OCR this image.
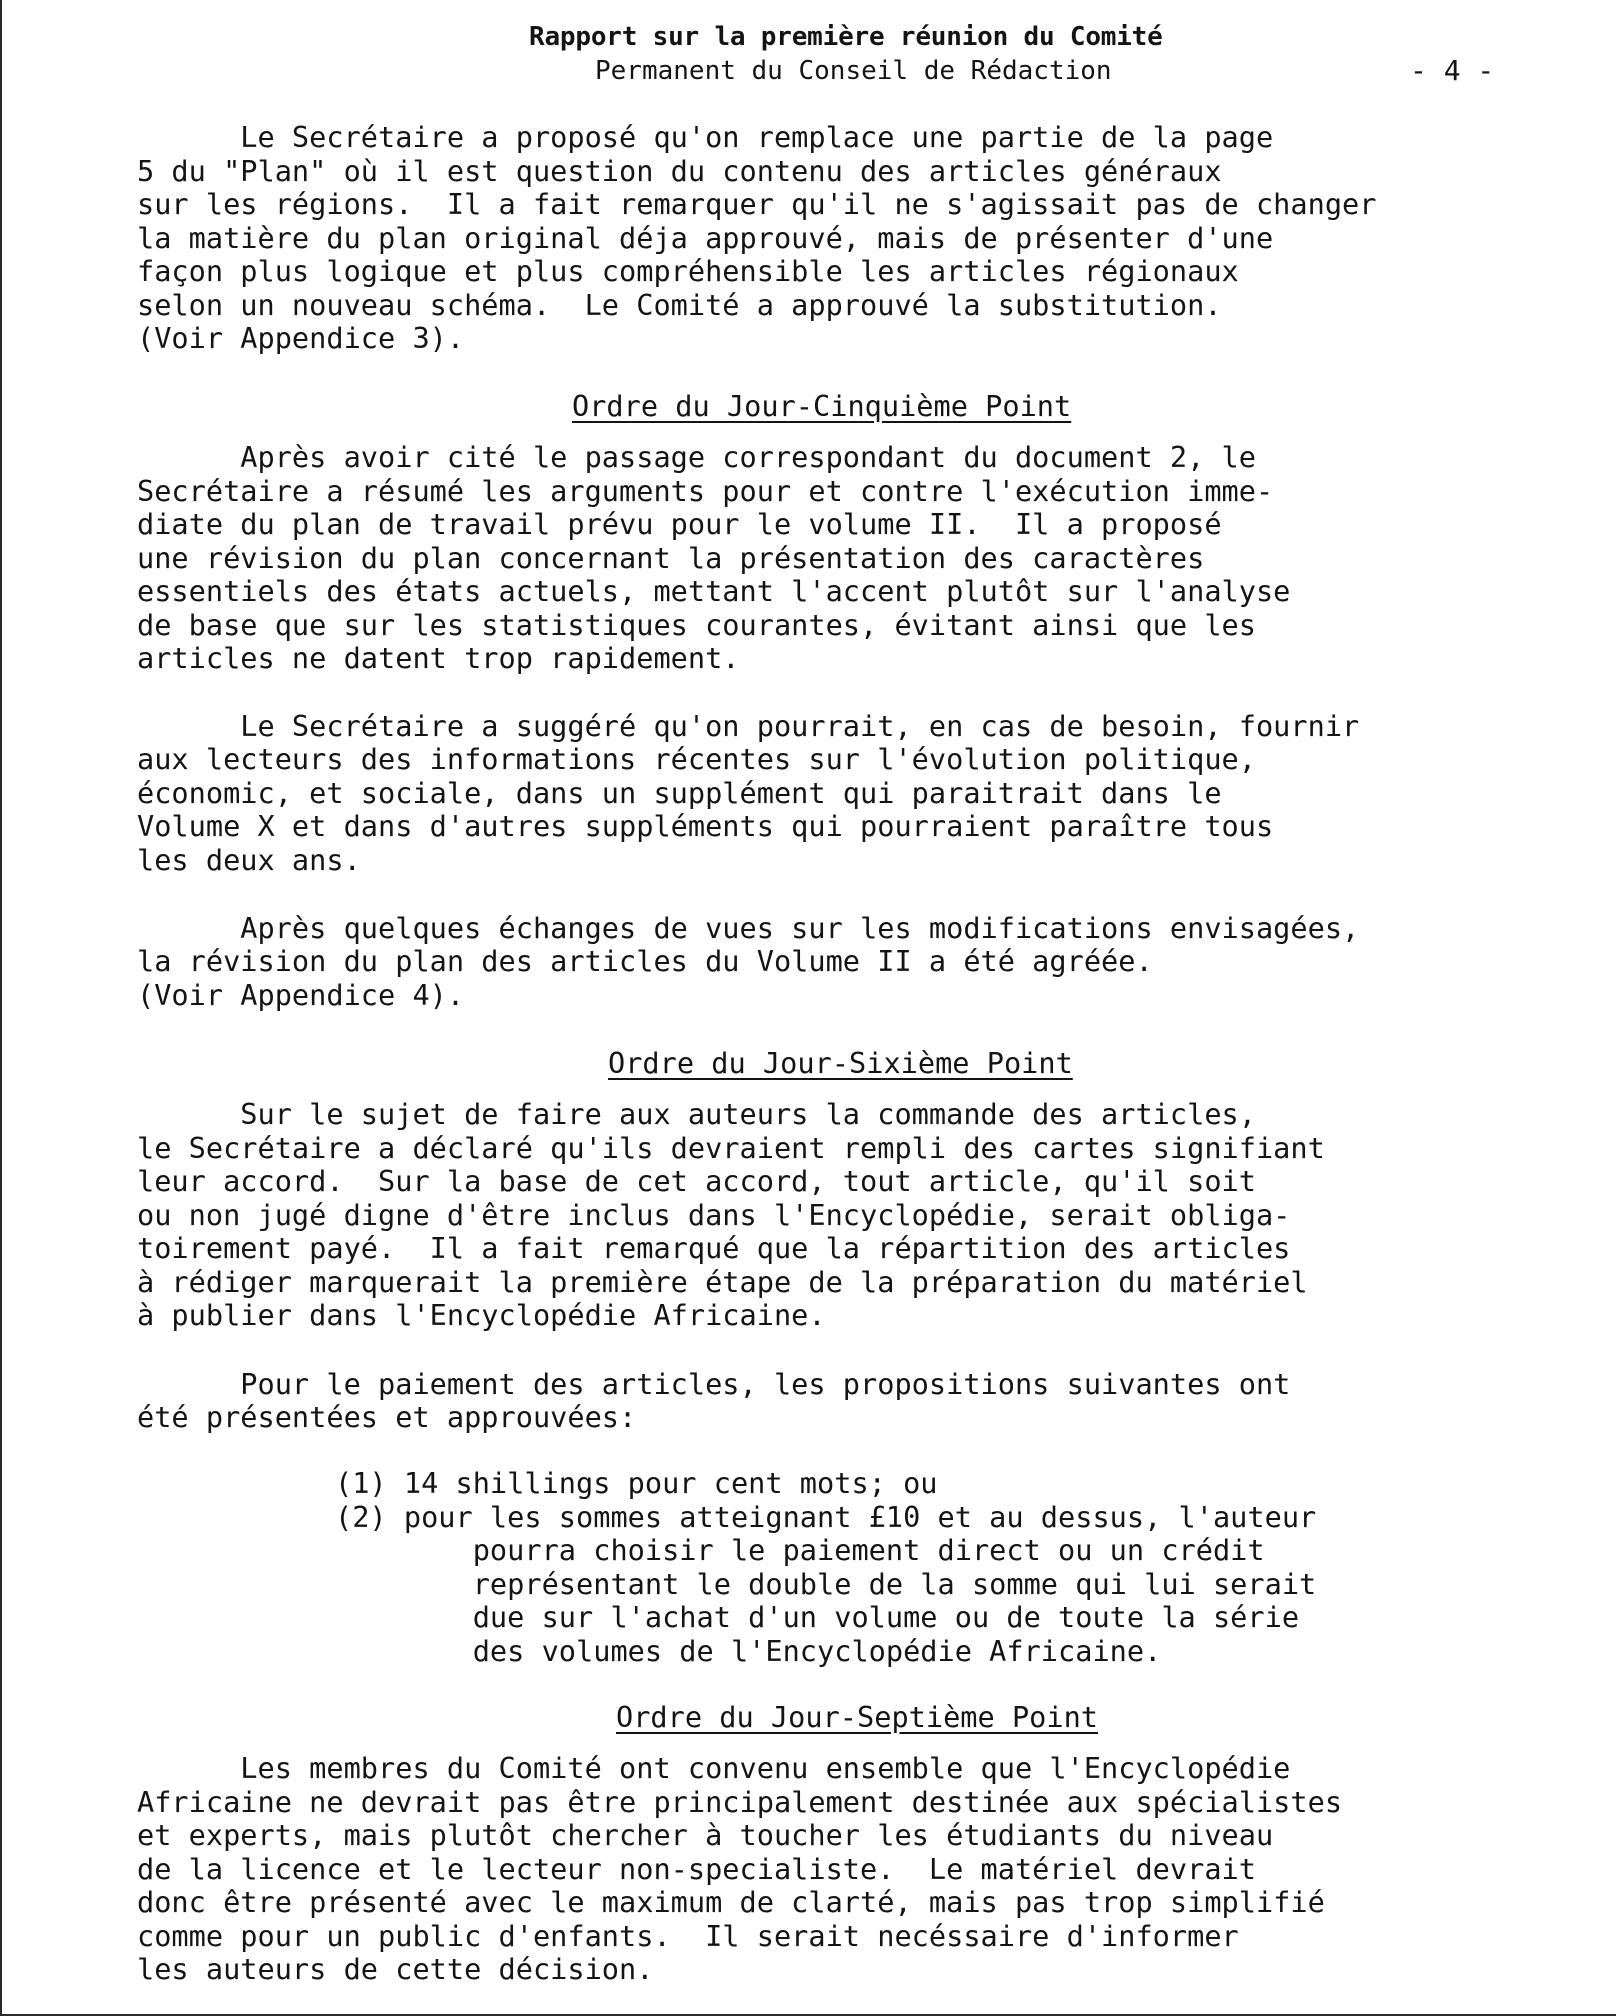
Rapport sur la première réunion du Comité
Permanent du Conseil de Rédaction	- 4 -
Le Secrétaire a proposé qu'on remplace une partie de la page
5 du "Plan" où il est question du contenu des articles généraux
sur les régions.  Il a fait remarquer qu'il ne s'agissait pas de changer
la matière du plan original déja approuvé, mais de présenter d'une
façon plus logique et plus compréhensible les articles régionaux
selon un nouveau schéma.  Le Comité a approuvé la substitution.
(Voir Appendice 3).
Ordre du Jour-Cinquième Point
Après avoir cité le passage correspondant du document 2, le
Secrétaire a résumé les arguments pour et contre l'exécution imme-
diate du plan de travail prévu pour le volume II.  Il a proposé
une révision du plan concernant la présentation des caractères
essentiels des états actuels, mettant l'accent plutôt sur l'analyse
de base que sur les statistiques courantes, évitant ainsi que les
articles ne datent trop rapidement.
Le Secrétaire a suggéré qu'on pourrait, en cas de besoin, fournir
aux lecteurs des informations récentes sur l'évolution politique,
économic, et sociale, dans un supplément qui paraitrait dans le
Volume X et dans d'autres suppléments qui pourraient paraître tous
les deux ans.
Après quelques échanges de vues sur les modifications envisagées,
la révision du plan des articles du Volume II a été agréée.
(Voir Appendice 4).
Ordre du Jour-Sixième Point
Sur le sujet de faire aux auteurs la commande des articles,
le Secrétaire a déclaré qu'ils devraient rempli des cartes signifiant
leur accord.  Sur la base de cet accord, tout article, qu'il soit
ou non jugé digne d'être inclus dans l'Encyclopédie, serait obliga-
toirement payé.  Il a fait remarqué que la répartition des articles
à rédiger marquerait la première étape de la préparation du matériel
à publier dans l'Encyclopédie Africaine.
Pour le paiement des articles, les propositions suivantes ont
été présentées et approuvées:
(1) 14 shillings pour cent mots; ou
(2) pour les sommes atteignant £10 et au dessus, l'auteur
pourra choisir le paiement direct ou un crédit
représentant le double de la somme qui lui serait
due sur l'achat d'un volume ou de toute la série
des volumes de l'Encyclopédie Africaine.
Ordre du Jour-Septième Point
Les membres du Comité ont convenu ensemble que l'Encyclopédie
Africaine ne devrait pas être principalement destinée aux spécialistes
et experts, mais plutôt chercher à toucher les étudiants du niveau
de la licence et le lecteur non-specialiste.  Le matériel devrait
donc être présenté avec le maximum de clarté, mais pas trop simplifié
comme pour un public d'enfants.  Il serait necéssaire d'informer
les auteurs de cette décision.
